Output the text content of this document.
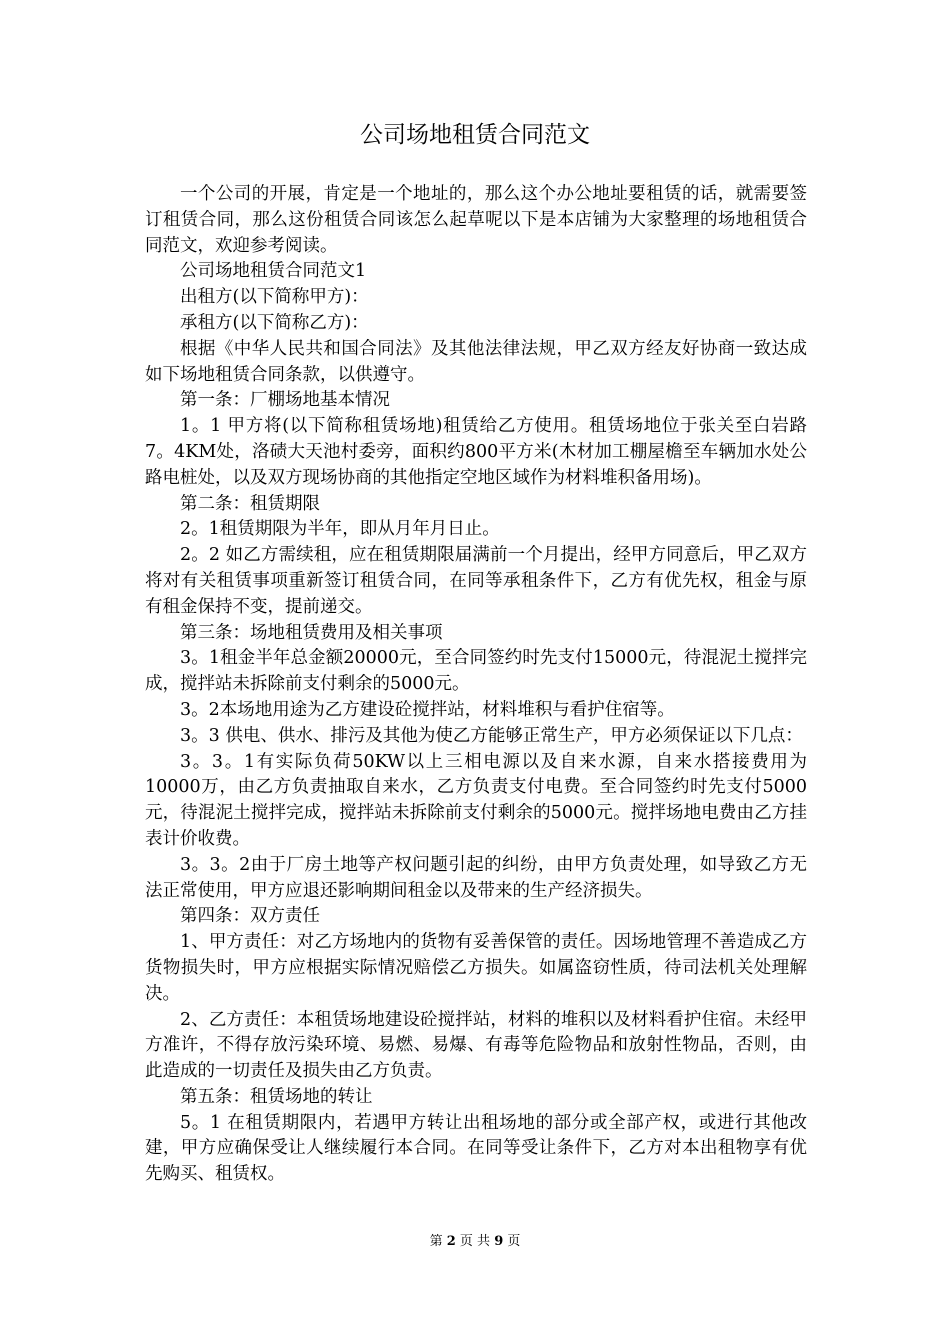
公司场地租赁合同范文

一个公司的开展，肯定是一个地址的，那么这个办公地址要租赁的话，就需要签订租赁合同，那么这份租赁合同该怎么起草呢以下是本店铺为大家整理的场地租赁合同范文，欢迎参考阅读。

公司场地租赁合同范文1

出租方(以下简称甲方)：

承租方(以下简称乙方)：

根据《中华人民共和国合同法》及其他法律法规，甲乙双方经友好协商一致达成如下场地租赁合同条款，以供遵守。

第一条：厂棚场地基本情况

1。1 甲方将(以下简称租赁场地)租赁给乙方使用。租赁场地位于张关至白岩路7。4KM处，洛碛大天池村委旁，面积约800平方米(木材加工棚屋檐至车辆加水处公路电桩处，以及双方现场协商的其他指定空地区域作为材料堆积备用场)。

第二条：租赁期限

2。1租赁期限为半年，即从月年月日止。

2。2 如乙方需续租，应在租赁期限届满前一个月提出，经甲方同意后，甲乙双方将对有关租赁事项重新签订租赁合同，在同等承租条件下，乙方有优先权，租金与原有租金保持不变，提前递交。

第三条：场地租赁费用及相关事项

3。1租金半年总金额20000元，至合同签约时先支付15000元，待混泥土搅拌完成，搅拌站未拆除前支付剩余的5000元。

3。2本场地用途为乙方建设砼搅拌站，材料堆积与看护住宿等。

3。3 供电、供水、排污及其他为使乙方能够正常生产，甲方必须保证以下几点：

3。3。1有实际负荷50KW以上三相电源以及自来水源，自来水搭接费用为10000万，由乙方负责抽取自来水，乙方负责支付电费。至合同签约时先支付5000元，待混泥土搅拌完成，搅拌站未拆除前支付剩余的5000元。搅拌场地电费由乙方挂表计价收费。

3。3。2由于厂房土地等产权问题引起的纠纷，由甲方负责处理，如导致乙方无法正常使用，甲方应退还影响期间租金以及带来的生产经济损失。

第四条：双方责任

1、甲方责任：对乙方场地内的货物有妥善保管的责任。因场地管理不善造成乙方货物损失时，甲方应根据实际情况赔偿乙方损失。如属盗窃性质，待司法机关处理解决。

2、乙方责任：本租赁场地建设砼搅拌站，材料的堆积以及材料看护住宿。未经甲方准许，不得存放污染环境、易燃、易爆、有毒等危险物品和放射性物品，否则，由此造成的一切责任及损失由乙方负责。

第五条：租赁场地的转让

5。1 在租赁期限内，若遇甲方转让出租场地的部分或全部产权，或进行其他改建，甲方应确保受让人继续履行本合同。在同等受让条件下，乙方对本出租物享有优先购买、租赁权。

第 2 页 共 9 页
